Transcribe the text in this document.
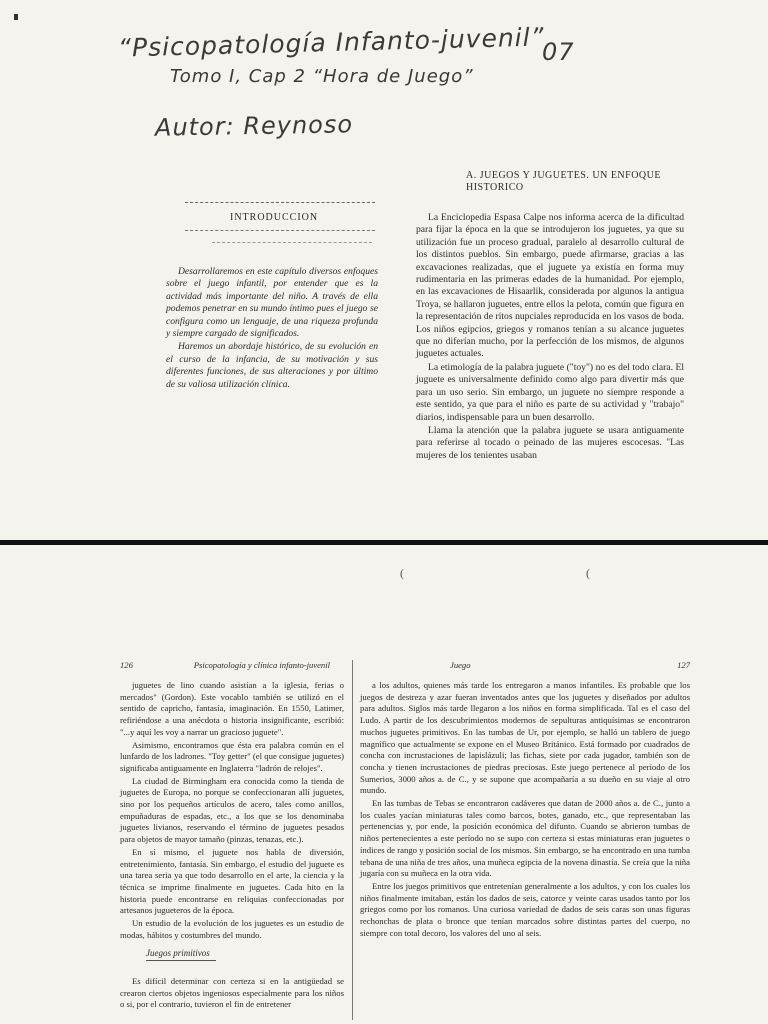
“Psicopatología Infanto-juvenil”
07
Tomo I, Cap 2 “Hora de Juego”
Autor: Reynoso
INTRODUCCION

Desarrollaremos en este capítulo diversos enfoques sobre el juego infantil, por entender que es la actividad más importante del niño. A través de ella podemos penetrar en su mundo íntimo pues el juego se configura como un lenguaje, de una riqueza profunda y siempre cargado de significados.

Haremos un abordaje histórico, de su evolución en el curso de la infancia, de su motivación y sus diferentes funciones, de sus alteraciones y por último de su valiosa utilización clínica.

A. JUEGOS Y JUGUETES. UN ENFOQUE HISTORICO

La Enciclopedia Espasa Calpe nos informa acerca de la dificultad para fijar la época en la que se introdujeron los juguetes, ya que su utilización fue un proceso gradual, paralelo al desarrollo cultural de los distintos pueblos. Sin embargo, puede afirmarse, gracias a las excavaciones realizadas, que el juguete ya existía en forma muy rudimentaria en las primeras edades de la humanidad. Por ejemplo, en las excavaciones de Hisaarlik, considerada por algunos la antigua Troya, se hallaron juguetes, entre ellos la pelota, común que figura en la representación de ritos nupciales reproducida en los vasos de boda. Los niños egipcios, griegos y romanos tenían a su alcance juguetes que no diferían mucho, por la perfección de los mismos, de algunos juguetes actuales.

La etimología de la palabra juguete ("toy") no es del todo clara. El juguete es universalmente definido como algo para divertir más que para un uso serio. Sin embargo, un juguete no siempre responde a este sentido, ya que para el niño es parte de su actividad y "trabajo" diarios, indispensable para un buen desarrollo.

Llama la atención que la palabra juguete se usara antiguamente para referirse al tocado o peinado de las mujeres escocesas. "Las mujeres de los tenientes usaban

(	(
126	Psicopatología y clínica infanto-juvenil

juguetes de lino cuando asistían a la iglesia, ferias o mercados" (Gordon). Este vocablo también se utilizó en el sentido de capricho, fantasía, imaginación. En 1550, Latimer, refiriéndose a una anécdota o historia insignificante, escribió: "...y aquí les voy a narrar un gracioso juguete".

Asimismo, encontramos que ésta era palabra común en el lunfardo de los ladrones. "Toy getter" (el que consigue juguetes) significaba antiguamente en Inglaterra "ladrón de relojes".

La ciudad de Birmingham era conocida como la tienda de juguetes de Europa, no porque se confeccionaran allí juguetes, sino por los pequeños artículos de acero, tales como anillos, empuñaduras de espadas, etc., a los que se los denominaba juguetes livianos, reservando el término de juguetes pesados para objetos de mayor tamaño (pinzas, tenazas, etc.).

En sí mismo, el juguete nos habla de diversión, entretenimiento, fantasía. Sin embargo, el estudio del juguete es una tarea seria ya que todo desarrollo en el arte, la ciencia y la técnica se imprime finalmente en juguetes. Cada hito en la historia puede encontrarse en reliquias confeccionadas por artesanos jugueteros de la época.

Un estudio de la evolución de los juguetes es un estudio de modas, hábitos y costumbres del mundo.

Juegos primitivos

Es difícil determinar con certeza si en la antigüedad se crearon ciertos objetos ingeniosos especialmente para los niños o si, por el contrario, tuvieron el fin de entretener

Juego	127

a los adultos, quienes más tarde los entregaron a manos infantiles. Es probable que los juegos de destreza y azar fueran inventados antes que los juguetes y diseñados por adultos para adultos. Siglos más tarde llegaron a los niños en forma simplificada. Tal es el caso del Ludo. A partir de los descubrimientos modernos de sepulturas antiquísimas se encontraron muchos juguetes primitivos. En las tumbas de Ur, por ejemplo, se halló un tablero de juego magnífico que actualmente se expone en el Museo Británico. Está formado por cuadrados de concha con incrustaciones de lapislázuli; las fichas, siete por cada jugador, también son de concha y tienen incrustaciones de piedras preciosas. Este juego pertenece al período de los Sumerios, 3000 años a. de C., y se supone que acompañaría a su dueño en su viaje al otro mundo.

En las tumbas de Tebas se encontraron cadáveres que datan de 2000 años a. de C., junto a los cuales yacían miniaturas tales como barcos, botes, ganado, etc., que representaban las pertenencias y, por ende, la posición económica del difunto. Cuando se abrieron tumbas de niños pertenecientes a este período no se supo con certeza si estas miniaturas eran juguetes o índices de rango y posición social de los mismos. Sin embargo, se ha encontrado en una tumba tebana de una niña de tres años, una muñeca egipcia de la novena dinastía. Se creía que la niña jugaría con su muñeca en la otra vida.

Entre los juegos primitivos que entretenían generalmente a los adultos, y con los cuales los niños finalmente imitaban, están los dados de seis, catorce y veinte caras usados tanto por los griegos como por los romanos. Una curiosa variedad de dados de seis caras son unas figuras rechonchas de plata o bronce que tenían marcados sobre distintas partes del cuerpo, no siempre con total decoro, los valores del uno al seis.
